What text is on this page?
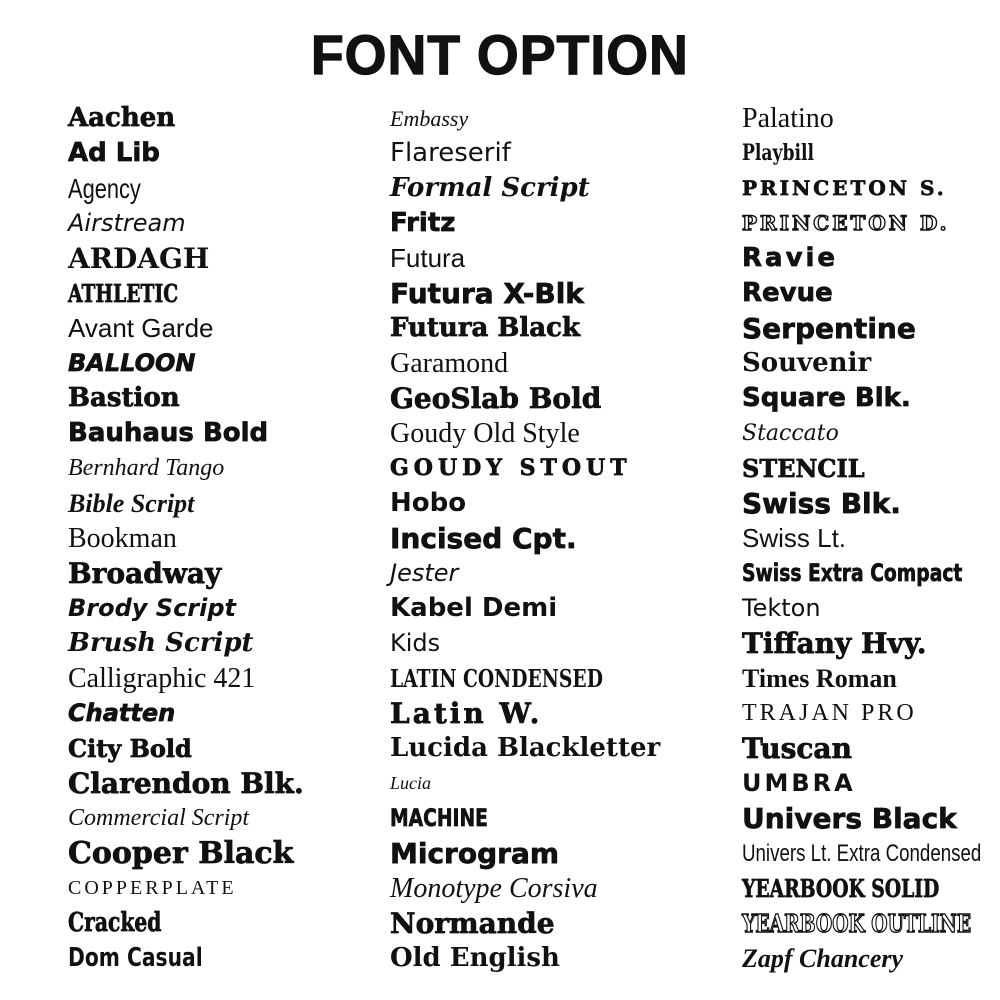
FONT OPTION
Aachen
Ad Lib
Agency
Airstream
ARDAGH
ATHLETIC
Avant Garde
BALLOON
Bastion
Bauhaus Bold
Bernhard Tango
Bible Script
Bookman
Broadway
Brody Script
Brush Script
Calligraphic 421
Chatten
City Bold
Clarendon Blk.
Commercial Script
Cooper Black
COPPERPLATE
Cracked
Dom Casual
Embassy
Flareserif
Formal Script
Fritz
Futura
Futura X-Blk
Futura Black
Garamond
GeoSlab Bold
Goudy Old Style
GOUDY STOUT
Hobo
Incised Cpt.
Jester
Kabel Demi
Kids
LATIN CONDENSED
Latin W.
Lucida Blackletter
Lucia
MACHINE
Microgram
Monotype Corsiva
Normande
Old English
Palatino
Playbill
PRINCETON S.
PRINCETON D.
Ravie
Revue
Serpentine
Souvenir
Square Blk.
Staccato
STENCIL
Swiss Blk.
Swiss Lt.
Swiss Extra Compact
Tekton
Tiffany Hvy.
Times Roman
TRAJAN PRO
Tuscan
UMBRA
Univers Black
Univers Lt. Extra Condensed
YEARBOOK SOLID
YEARBOOK OUTLINE
Zapf Chancery
